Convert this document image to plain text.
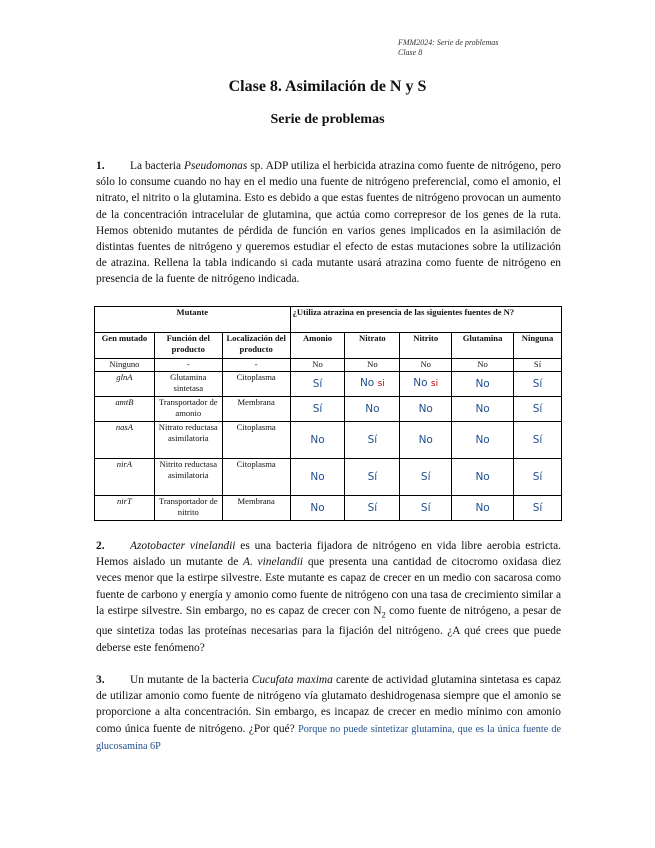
FMM2024: Serie de problemas
Clase 8
Clase 8. Asimilación de N y S
Serie de problemas
1. La bacteria Pseudomonas sp. ADP utiliza el herbicida atrazina como fuente de nitrógeno, pero sólo lo consume cuando no hay en el medio una fuente de nitrógeno preferencial, como el amonio, el nitrato, el nitrito o la glutamina. Esto es debido a que estas fuentes de nitrógeno provocan un aumento de la concentración intracelular de glutamina, que actúa como correpresor de los genes de la ruta. Hemos obtenido mutantes de pérdida de función en varios genes implicados en la asimilación de distintas fuentes de nitrógeno y queremos estudiar el efecto de estas mutaciones sobre la utilización de atrazina. Rellena la tabla indicando si cada mutante usará atrazina como fuente de nitrógeno en presencia de la fuente de nitrógeno indicada.
Mutante			¿Utiliza atrazina en presencia de las siguientes fuentes de N?				
Gen mutado	Función del producto	Localización del producto	Amonio	Nitrato	Nitrito	Glutamina	Ninguna
Ninguno	-	-	No	No	No	No	Sí
glnA	Glutamina sintetasa	Citoplasma	Sí	No si	No si	No	Sí
amtB	Transportador de amonio	Membrana	Sí	No	No	No	Sí
nasA	Nitrato reductasa asimilatoria	Citoplasma	No	Sí	No	No	Sí
nirA	Nitrito reductasa asimilatoria	Citoplasma	No	Sí	Sí	No	Sí
nirT	Transportador de nitrito	Membrana	No	Sí	Sí	No	Sí
2. Azotobacter vinelandii es una bacteria fijadora de nitrógeno en vida libre aerobia estricta. Hemos aislado un mutante de A. vinelandii que presenta una cantidad de citocromo oxidasa diez veces menor que la estirpe silvestre. Este mutante es capaz de crecer en un medio con sacarosa como fuente de carbono y energía y amonio como fuente de nitrógeno con una tasa de crecimiento similar a la estirpe silvestre. Sin embargo, no es capaz de crecer con $N_2$ como fuente de nitrógeno, a pesar de que sintetiza todas las proteínas necesarias para la fijación del nitrógeno. ¿A qué crees que puede deberse este fenómeno?
3. Un mutante de la bacteria Cucufata maxima carente de actividad glutamina sintetasa es capaz de utilizar amonio como fuente de nitrógeno vía glutamato deshidrogenasa siempre que el amonio se proporcione a alta concentración. Sin embargo, es incapaz de crecer en medio mínimo con amonio como única fuente de nitrógeno. ¿Por qué? Porque no puede sintetizar glutamina, que es la única fuente de glucosamina 6P
